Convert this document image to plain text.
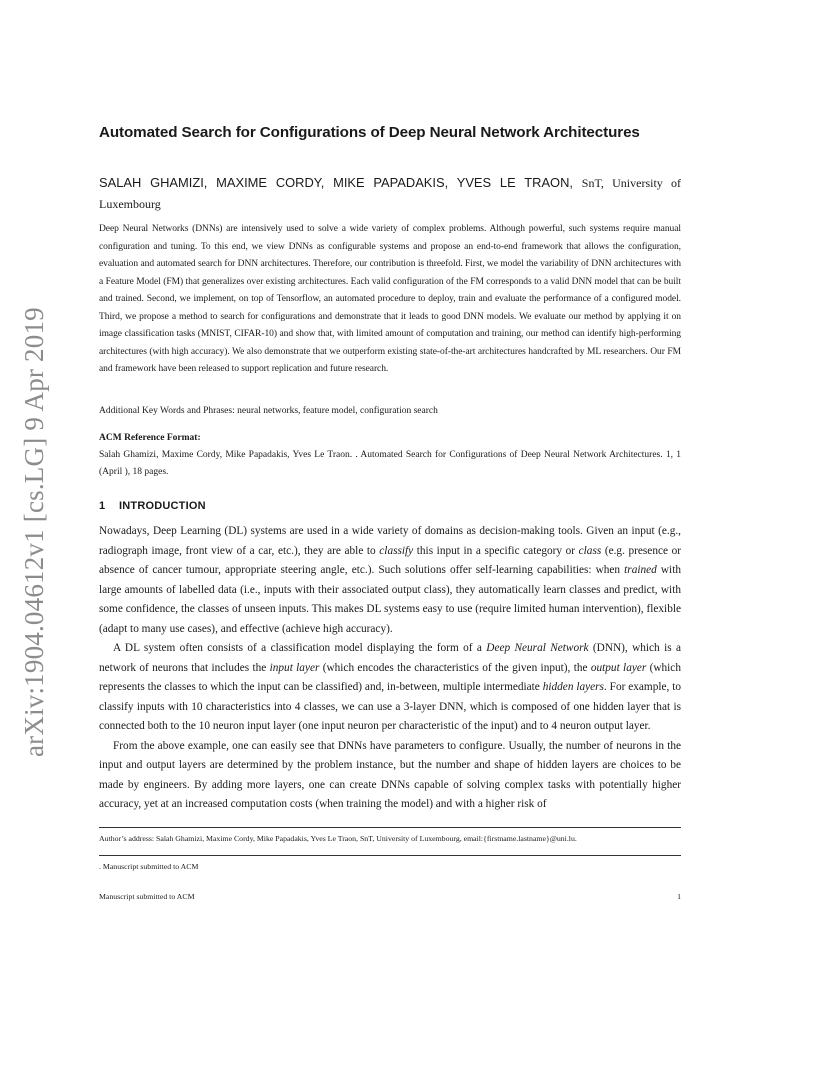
arXiv:1904.04612v1 [cs.LG] 9 Apr 2019
Automated Search for Configurations of Deep Neural Network Architectures
SALAH GHAMIZI, MAXIME CORDY, MIKE PAPADAKIS, YVES LE TRAON, SnT, University of Luxembourg
Deep Neural Networks (DNNs) are intensively used to solve a wide variety of complex problems. Although powerful, such systems require manual configuration and tuning. To this end, we view DNNs as configurable systems and propose an end-to-end framework that allows the configuration, evaluation and automated search for DNN architectures. Therefore, our contribution is threefold. First, we model the variability of DNN architectures with a Feature Model (FM) that generalizes over existing architectures. Each valid configuration of the FM corresponds to a valid DNN model that can be built and trained. Second, we implement, on top of Tensorflow, an automated procedure to deploy, train and evaluate the performance of a configured model. Third, we propose a method to search for configurations and demonstrate that it leads to good DNN models. We evaluate our method by applying it on image classification tasks (MNIST, CIFAR-10) and show that, with limited amount of computation and training, our method can identify high-performing architectures (with high accuracy). We also demonstrate that we outperform existing state-of-the-art architectures handcrafted by ML researchers. Our FM and framework have been released to support replication and future research.
Additional Key Words and Phrases: neural networks, feature model, configuration search
ACM Reference Format:
Salah Ghamizi, Maxime Cordy, Mike Papadakis, Yves Le Traon. . Automated Search for Configurations of Deep Neural Network Architectures. 1, 1 (April ), 18 pages.
1 INTRODUCTION

Nowadays, Deep Learning (DL) systems are used in a wide variety of domains as decision-making tools. Given an input (e.g., radiograph image, front view of a car, etc.), they are able to classify this input in a specific category or class (e.g. presence or absence of cancer tumour, appropriate steering angle, etc.). Such solutions offer self-learning capabilities: when trained with large amounts of labelled data (i.e., inputs with their associated output class), they automatically learn classes and predict, with some confidence, the classes of unseen inputs. This makes DL systems easy to use (require limited human intervention), flexible (adapt to many use cases), and effective (achieve high accuracy).

A DL system often consists of a classification model displaying the form of a Deep Neural Network (DNN), which is a network of neurons that includes the input layer (which encodes the characteristics of the given input), the output layer (which represents the classes to which the input can be classified) and, in-between, multiple intermediate hidden layers. For example, to classify inputs with 10 characteristics into 4 classes, we can use a 3-layer DNN, which is composed of one hidden layer that is connected both to the 10 neuron input layer (one input neuron per characteristic of the input) and to 4 neuron output layer.

From the above example, one can easily see that DNNs have parameters to configure. Usually, the number of neurons in the input and output layers are determined by the problem instance, but the number and shape of hidden layers are choices to be made by engineers. By adding more layers, one can create DNNs capable of solving complex tasks with potentially higher accuracy, yet at an increased computation costs (when training the model) and with a higher risk of

Author’s address: Salah Ghamizi, Maxime Cordy, Mike Papadakis, Yves Le Traon, SnT, University of Luxembourg, email:{firstname.lastname}@uni.lu.
. Manuscript submitted to ACM
Manuscript submitted to ACM	1
